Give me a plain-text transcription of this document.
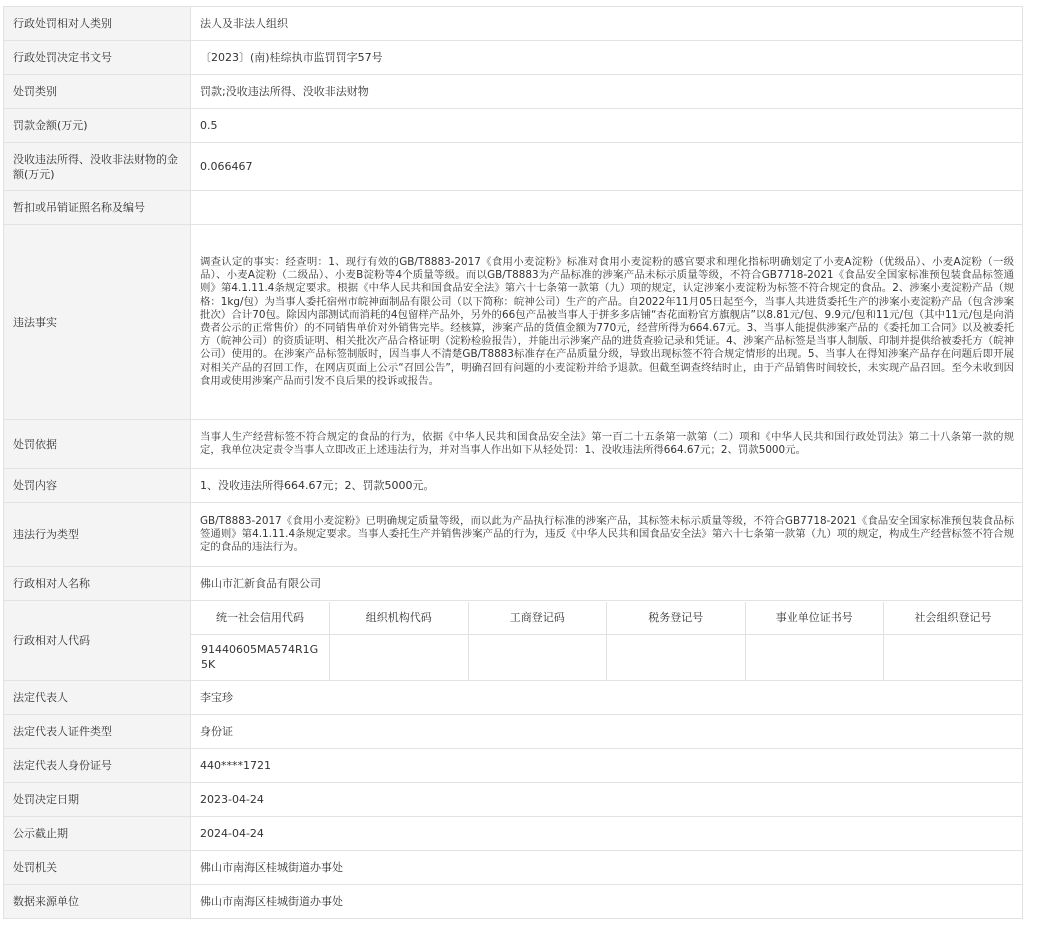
行政处罚相对人类别	法人及非法人组织
行政处罚决定书文号	〔2023〕(南)桂综执市监罚罚字57号
处罚类别	罚款;没收违法所得、没收非法财物
罚款金额(万元)	0.5
没收违法所得、没收非法财物的金额(万元)	0.066467
暂扣或吊销证照名称及编号	
违法事实	调查认定的事实：经查明：1、现行有效的GB/T8883-2017《食用小麦淀粉》标准对食用小麦淀粉的感官要求和理化指标明确划定了小麦A淀粉（优级品）、小麦A淀粉（一级品）、小麦A淀粉（二级品）、小麦B淀粉等4个质量等级。而以GB/T8883为产品标准的涉案产品未标示质量等级，不符合GB7718-2021《食品安全国家标准预包装食品标签通则》第4.1.11.4条规定要求。根据《中华人民共和国食品安全法》第六十七条第一款第（九）项的规定，认定涉案小麦淀粉为标签不符合规定的食品。2、涉案小麦淀粉产品（规格：1kg/包）为当事人委托宿州市皖神面制品有限公司（以下简称：皖神公司）生产的产品。自2022年11月05日起至今，当事人共进货委托生产的涉案小麦淀粉产品（包含涉案批次）合计70包。除因内部测试而消耗的4包留样产品外，另外的66包产品被当事人于拼多多店铺“杏花面粉官方旗舰店”以8.81元/包、9.9元/包和11元/包（其中11元/包是向消费者公示的正常售价）的不同销售单价对外销售完毕。经核算，涉案产品的货值金额为770元，经营所得为664.67元。3、当事人能提供涉案产品的《委托加工合同》以及被委托方（皖神公司）的资质证明、相关批次产品合格证明（淀粉检验报告），并能出示涉案产品的进货查验记录和凭证。4、涉案产品标签是当事人制版、印制并提供给被委托方（皖神公司）使用的。在涉案产品标签制版时，因当事人不清楚GB/T8883标准存在产品质量分级，导致出现标签不符合规定情形的出现。5、当事人在得知涉案产品存在问题后即开展对相关产品的召回工作，在网店页面上公示“召回公告”，明确召回有问题的小麦淀粉并给予退款。但截至调查终结时止，由于产品销售时间较长，未实现产品召回。至今未收到因食用或使用涉案产品而引发不良后果的投诉或报告。
处罚依据	当事人生产经营标签不符合规定的食品的行为，依据《中华人民共和国食品安全法》第一百二十五条第一款第（二）项和《中华人民共和国行政处罚法》第二十八条第一款的规定，我单位决定责令当事人立即改正上述违法行为，并对当事人作出如下从轻处罚：1、没收违法所得664.67元；2、罚款5000元。
处罚内容	1、没收违法所得664.67元；2、罚款5000元。
违法行为类型	GB/T8883-2017《食用小麦淀粉》已明确规定质量等级，而以此为产品执行标准的涉案产品，其标签未标示质量等级，不符合GB7718-2021《食品安全国家标准预包装食品标签通则》第4.1.11.4条规定要求。当事人委托生产并销售涉案产品的行为，违反《中华人民共和国食品安全法》第六十七条第一款第（九）项的规定，构成生产经营标签不符合规定的食品的违法行为。
行政相对人名称	佛山市汇新食品有限公司
行政相对人代码	
统一社会信用代码	组织机构代码	工商登记码	税务登记号	事业单位证书号	社会组织登记号
91440605MA574R1G5K					

法定代表人	李宝珍
法定代表人证件类型	身份证
法定代表人身份证号	440****1721
处罚决定日期	2023-04-24
公示截止期	2024-04-24
处罚机关	佛山市南海区桂城街道办事处
数据来源单位	佛山市南海区桂城街道办事处
